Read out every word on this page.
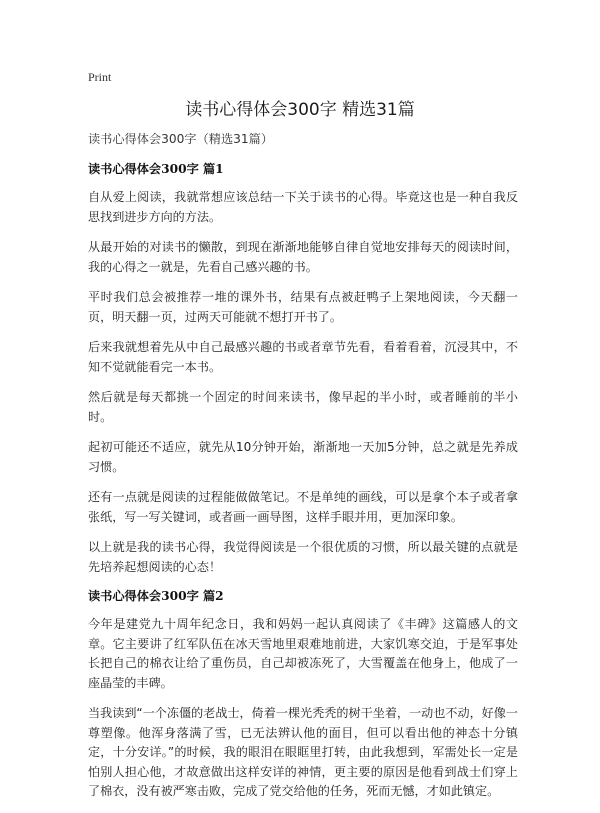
Print
读书心得体会300字 精选31篇

读书心得体会300字（精选31篇）

读书心得体会300字 篇1

自从爱上阅读，我就常想应该总结一下关于读书的心得。毕竟这也是一种自我反思找到进步方向的方法。

从最开始的对读书的懒散，到现在渐渐地能够自律自觉地安排每天的阅读时间，我的心得之一就是，先看自己感兴趣的书。

平时我们总会被推荐一堆的课外书，结果有点被赶鸭子上架地阅读，今天翻一页，明天翻一页，过两天可能就不想打开书了。

后来我就想着先从中自己最感兴趣的书或者章节先看，看着看着，沉浸其中，不知不觉就能看完一本书。

然后就是每天都挑一个固定的时间来读书，像早起的半小时，或者睡前的半小时。

起初可能还不适应，就先从10分钟开始，渐渐地一天加5分钟，总之就是先养成习惯。

还有一点就是阅读的过程能做做笔记。不是单纯的画线，可以是拿个本子或者拿张纸，写一写关键词，或者画一画导图，这样手眼并用，更加深印象。

以上就是我的读书心得，我觉得阅读是一个很优质的习惯，所以最关键的点就是先培养起想阅读的心态！

读书心得体会300字 篇2

今年是建党九十周年纪念日，我和妈妈一起认真阅读了《丰碑》这篇感人的文章。它主要讲了红军队伍在冰天雪地里艰难地前进，大家饥寒交迫，于是军事处长把自己的棉衣让给了重伤员，自己却被冻死了，大雪覆盖在他身上，他成了一座晶莹的丰碑。

当我读到“一个冻僵的老战士，倚着一棵光秃秃的树干坐着，一动也不动，好像一尊塑像。他浑身落满了雪，已无法辨认他的面目，但可以看出他的神态十分镇定，十分安详。”的时候，我的眼泪在眼眶里打转，由此我想到，军需处长一定是怕别人担心他，才故意做出这样安详的神情，更主要的原因是他看到战士们穿上了棉衣，没有被严寒击败，完成了党交给他的任务，死而无憾，才如此镇定。
